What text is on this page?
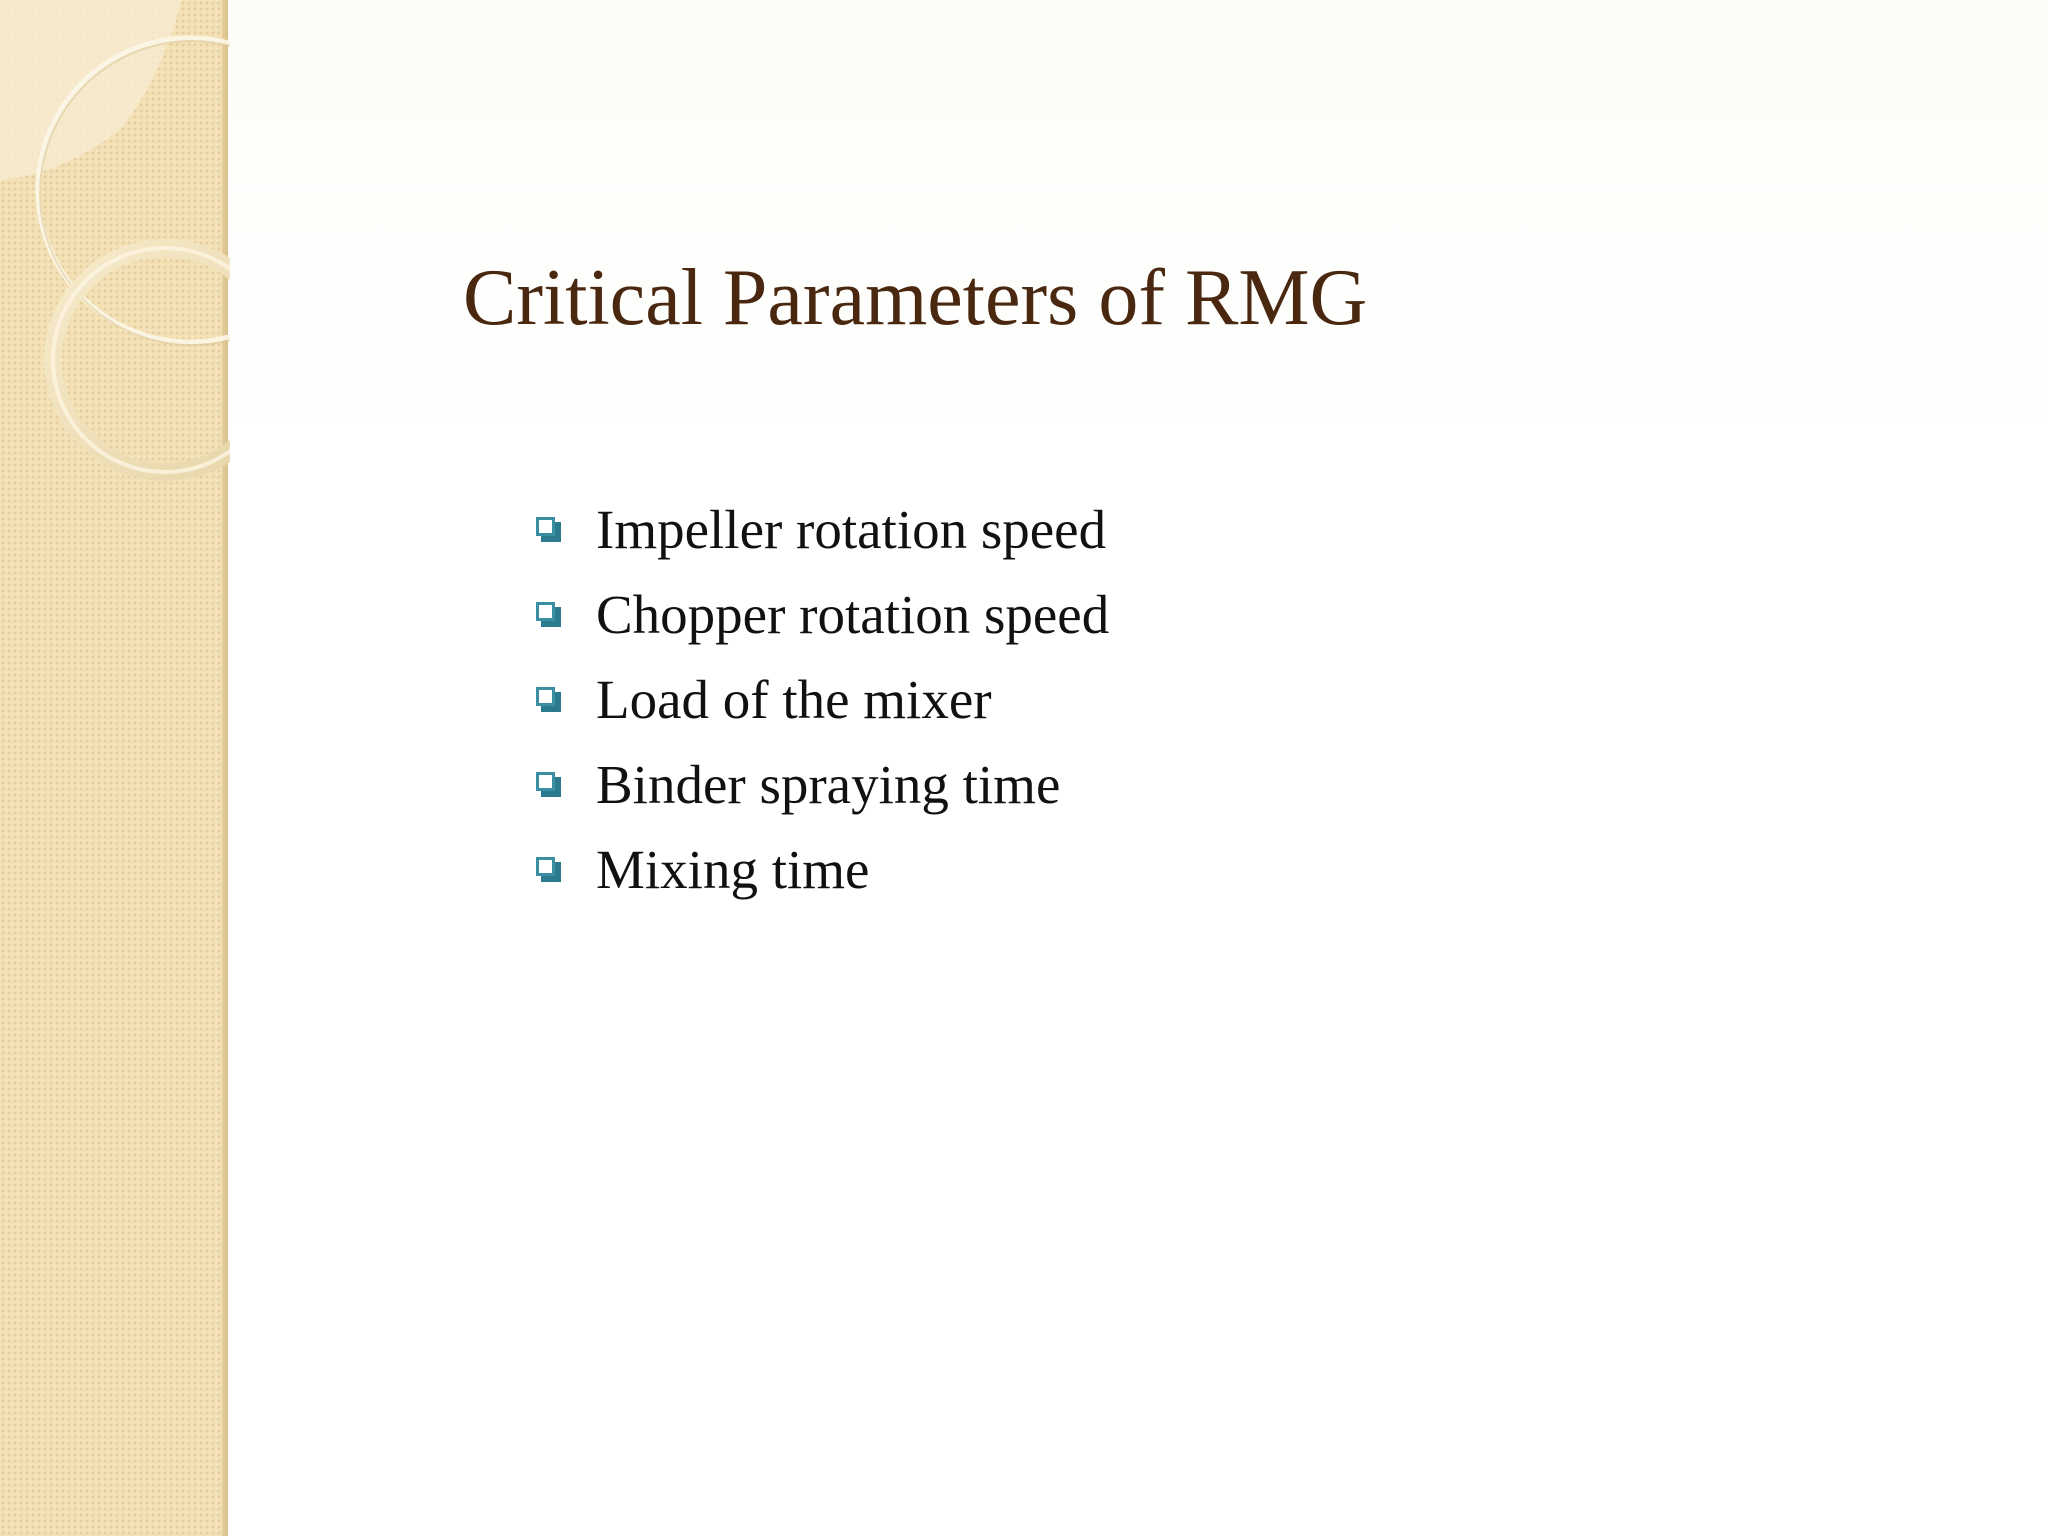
Critical Parameters of RMG
Impeller rotation speed
Chopper rotation speed
Load of the mixer
Binder spraying time
Mixing time
